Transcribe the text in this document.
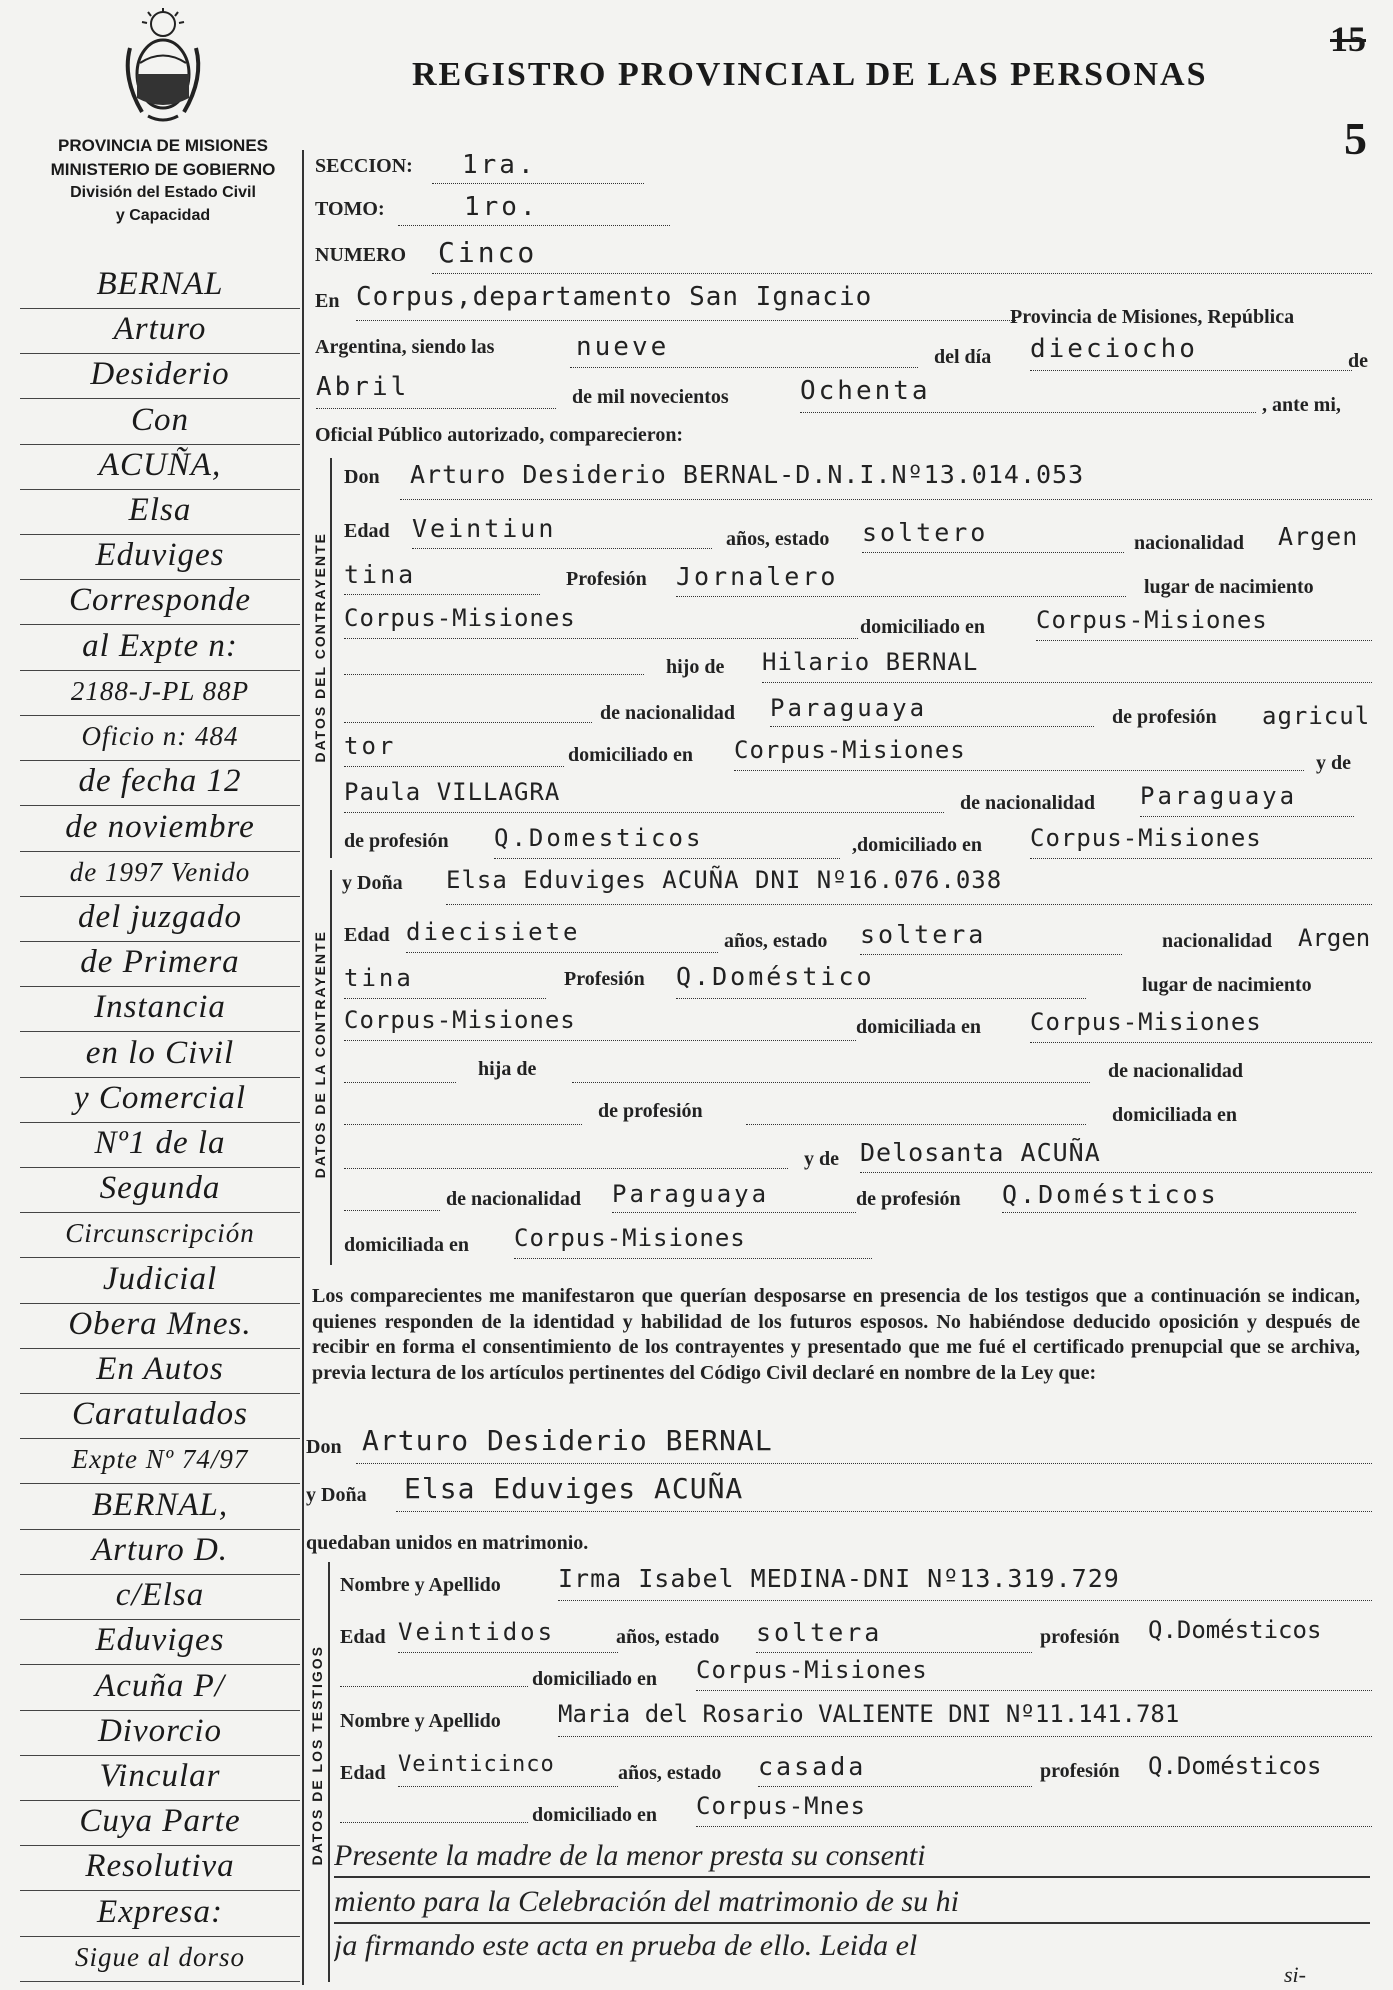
PROVINCIA DE MISIONES
MINISTERIO DE GOBIERNO
División del Estado Civil
y Capacidad
REGISTRO PROVINCIAL DE LAS PERSONAS
15
5
DATOS DEL CONTRAYENTE
DATOS DE LA CONTRAYENTE
DATOS DE LOS TESTIGOS
SECCION:	1ra.
TOMO:	1ro.
NUMERO Cinco
En Corpus,departamento San Ignacio
Provincia de Misiones, República
Argentina, siendo las	nueve	del día dieciocho	de
Abril	de mil novecientos	Ochenta	, ante mi,
Oficial Público autorizado, comparecieron:
Don	Arturo Desiderio BERNAL-D.N.I.Nº13.014.053
Edad Veintiun	años, estado soltero	nacionalidad Argen
tina	Profesión Jornalero	lugar de nacimiento
Corpus-Misiones	domiciliado en Corpus-Misiones
hijo de Hilario BERNAL
de nacionalidad Paraguaya	de profesión agricul
tor	domiciliado en Corpus-Misiones	y de
Paula VILLAGRA	de nacionalidad Paraguaya
de profesión Q.Domesticos	,domiciliado en Corpus-Misiones
y Doña Elsa Eduviges ACUÑA DNI Nº16.076.038
Edad diecisiete	años, estado soltera	nacionalidad Argen
tina	Profesión Q.Doméstico	lugar de nacimiento
Corpus-Misiones	domiciliada en Corpus-Misiones
hija de	de nacionalidad
de profesión	domiciliada en
y de Delosanta ACUÑA
de nacionalidad Paraguaya	de profesión Q.Domésticos
domiciliada en Corpus-Misiones
Los comparecientes me manifestaron que querían desposarse en presencia de los testigos que a continuación se indican, quienes responden de la identidad y habilidad de los futuros esposos. No habiéndose deducido oposición y después de recibir en forma el consentimiento de los contrayentes y presentado que me fué el certificado prenupcial que se archiva, previa lectura de los artículos pertinentes del Código Civil declaré en nombre de la Ley que:
Don Arturo Desiderio BERNAL
y Doña Elsa Eduviges ACUÑA
quedaban unidos en matrimonio.
Nombre y Apellido Irma Isabel MEDINA-DNI Nº13.319.729
Edad Veintidos	años, estado soltera	profesión Q.Domésticos
domiciliado en Corpus-Misiones
Nombre y Apellido Maria del Rosario VALIENTE DNI Nº11.141.781
Edad Veinticinco	años, estado casada	profesión Q.Domésticos
domiciliado en Corpus-Mnes
Presente la madre de la menor presta su consenti
miento para la Celebración del matrimonio de su hi
ja firmando este acta en prueba de ello. Leida el
si-
BERNAL
Arturo
Desiderio
Con
ACUÑA,
Elsa
Eduviges
Corresponde
al Expte n:
2188-J-PL 88P
Oficio n: 484
de fecha 12
de noviembre
de 1997 Venido
del juzgado
de Primera
Instancia
en lo Civil
y Comercial
Nº1 de la
Segunda
Circunscripción
Judicial
Obera Mnes.
En Autos
Caratulados
Expte Nº 74/97
BERNAL,
Arturo D.
c/Elsa
Eduviges
Acuña P/
Divorcio
Vincular
Cuya Parte
Resolutiva
Expresa:
Sigue al dorso
